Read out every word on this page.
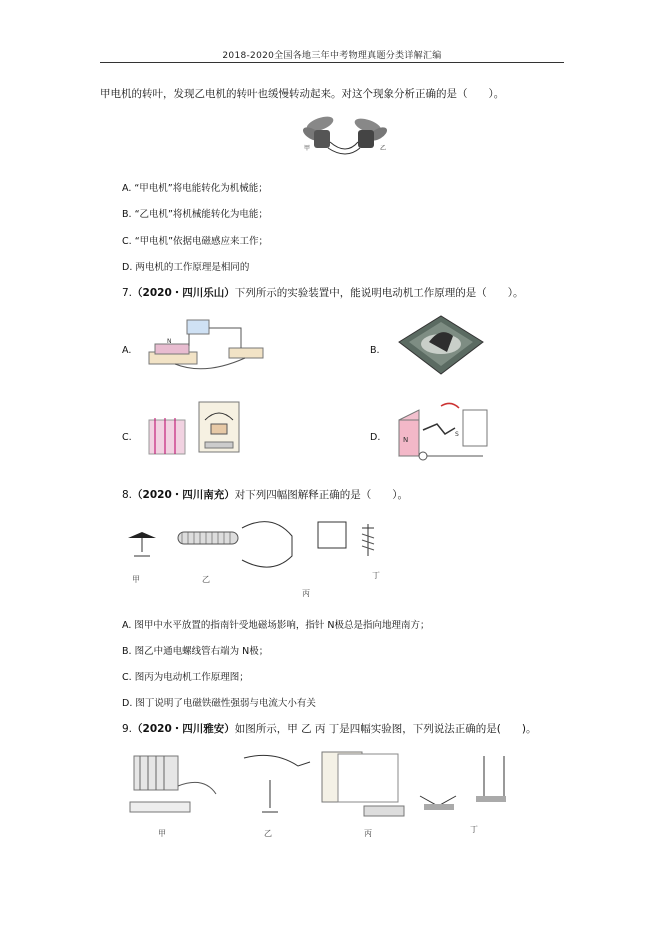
2018-2020全国各地三年中考物理真题分类详解汇编
甲电机的转叶，发现乙电机的转叶也缓慢转动起来。对这个现象分析正确的是（　　）。
甲	乙
A. “甲电机”将电能转化为机械能；
B. “乙电机”将机械能转化为电能；
C. “甲电机”依据电磁感应来工作；
D. 两电机的工作原理是相同的
7.（2020・四川乐山）下列所示的实验装置中，能说明电动机工作原理的是（　　）。
A.
N
B.
C.	D.	N
S
8.（2020・四川南充）对下列四幅图解释正确的是（　　）。
甲	乙
丙
丁
A. 图甲中水平放置的指南针受地磁场影响，指针 N极总是指向地理南方；
B. 图乙中通电螺线管右端为 N极；
C. 图丙为电动机工作原理图；
D. 图丁说明了电磁铁磁性强弱与电流大小有关
9.（2020・四川雅安）如图所示，甲 乙 丙 丁是四幅实验图，下列说法正确的是(　　)。
甲	乙	丙	丁
